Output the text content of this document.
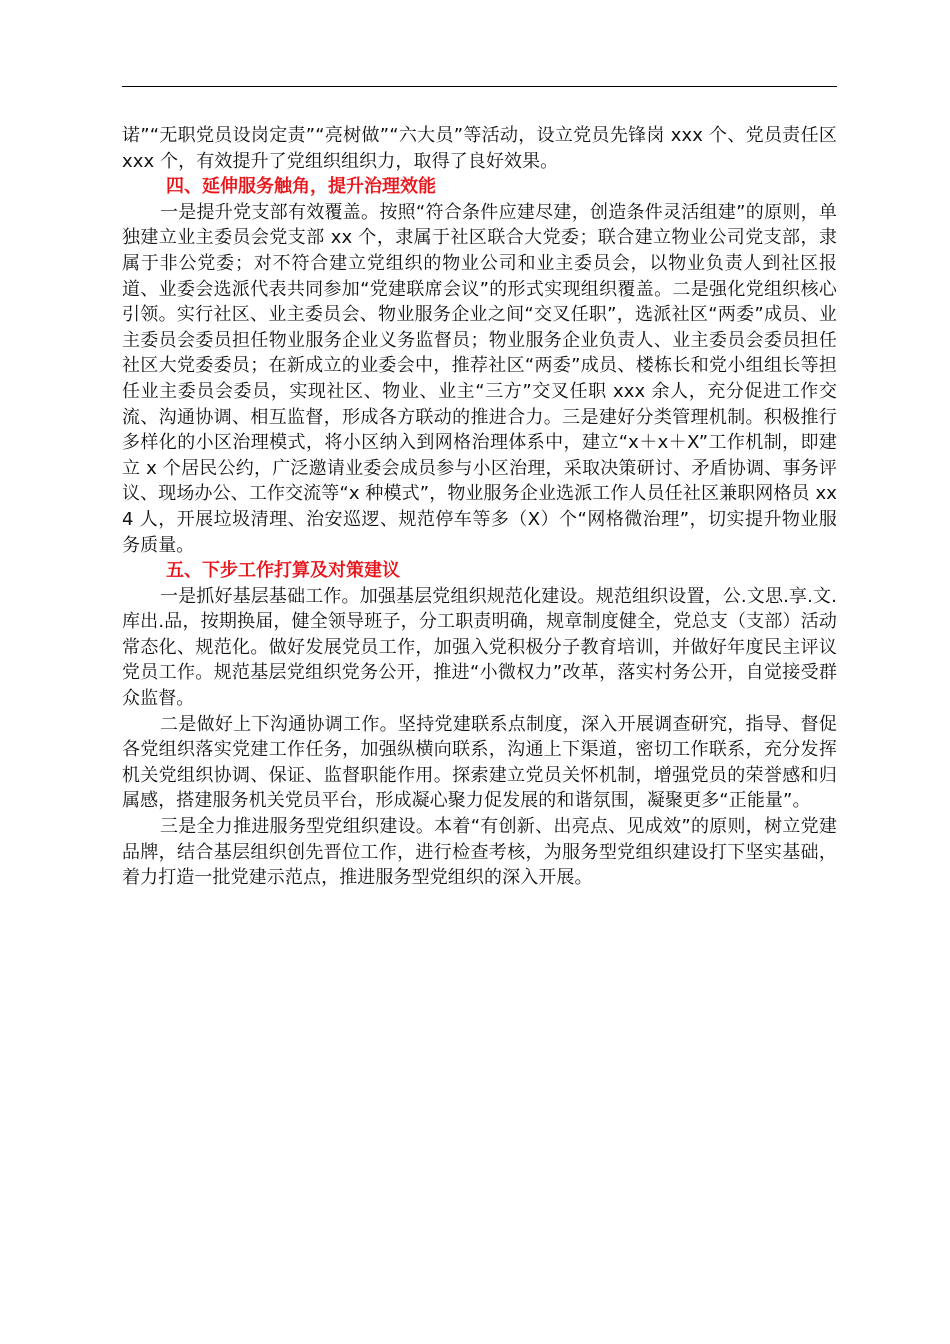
诺”“无职党员设岗定责”“亮树做”“六大员”等活动，设立党员先锋岗 xxx 个、党员责任区 xxx 个，有效提升了党组织组织力，取得了良好效果。

四、延伸服务触角，提升治理效能

一是提升党支部有效覆盖。按照“符合条件应建尽建，创造条件灵活组建”的原则，单独建立业主委员会党支部 xx 个，隶属于社区联合大党委；联合建立物业公司党支部，隶属于非公党委；对不符合建立党组织的物业公司和业主委员会，以物业负责人到社区报道、业委会选派代表共同参加“党建联席会议”的形式实现组织覆盖。二是强化党组织核心引领。实行社区、业主委员会、物业服务企业之间“交叉任职”，选派社区“两委”成员、业主委员会委员担任物业服务企业义务监督员；物业服务企业负责人、业主委员会委员担任社区大党委委员；在新成立的业委会中，推荐社区“两委”成员、楼栋长和党小组组长等担任业主委员会委员，实现社区、物业、业主“三方”交叉任职 xxx 余人，充分促进工作交流、沟通协调、相互监督，形成各方联动的推进合力。三是建好分类管理机制。积极推行多样化的小区治理模式，将小区纳入到网格治理体系中，建立“x＋x＋X”工作机制，即建立 x 个居民公约，广泛邀请业委会成员参与小区治理，采取决策研讨、矛盾协调、事务评议、现场办公、工作交流等“x 种模式”，物业服务企业选派工作人员任社区兼职网格员 xx4 人，开展垃圾清理、治安巡逻、规范停车等多（X）个“网格微治理”，切实提升物业服务质量。

五、下步工作打算及对策建议

一是抓好基层基础工作。加强基层党组织规范化建设。规范组织设置，公.文思.享.文.库出.品，按期换届，健全领导班子，分工职责明确，规章制度健全，党总支（支部）活动常态化、规范化。做好发展党员工作，加强入党积极分子教育培训，并做好年度民主评议党员工作。规范基层党组织党务公开，推进“小微权力”改革，落实村务公开，自觉接受群众监督。

二是做好上下沟通协调工作。坚持党建联系点制度，深入开展调查研究，指导、督促各党组织落实党建工作任务，加强纵横向联系，沟通上下渠道，密切工作联系，充分发挥机关党组织协调、保证、监督职能作用。探索建立党员关怀机制，增强党员的荣誉感和归属感，搭建服务机关党员平台，形成凝心聚力促发展的和谐氛围，凝聚更多“正能量”。

三是全力推进服务型党组织建设。本着“有创新、出亮点、见成效”的原则，树立党建品牌，结合基层组织创先晋位工作，进行检查考核，为服务型党组织建设打下坚实基础，着力打造一批党建示范点，推进服务型党组织的深入开展。
